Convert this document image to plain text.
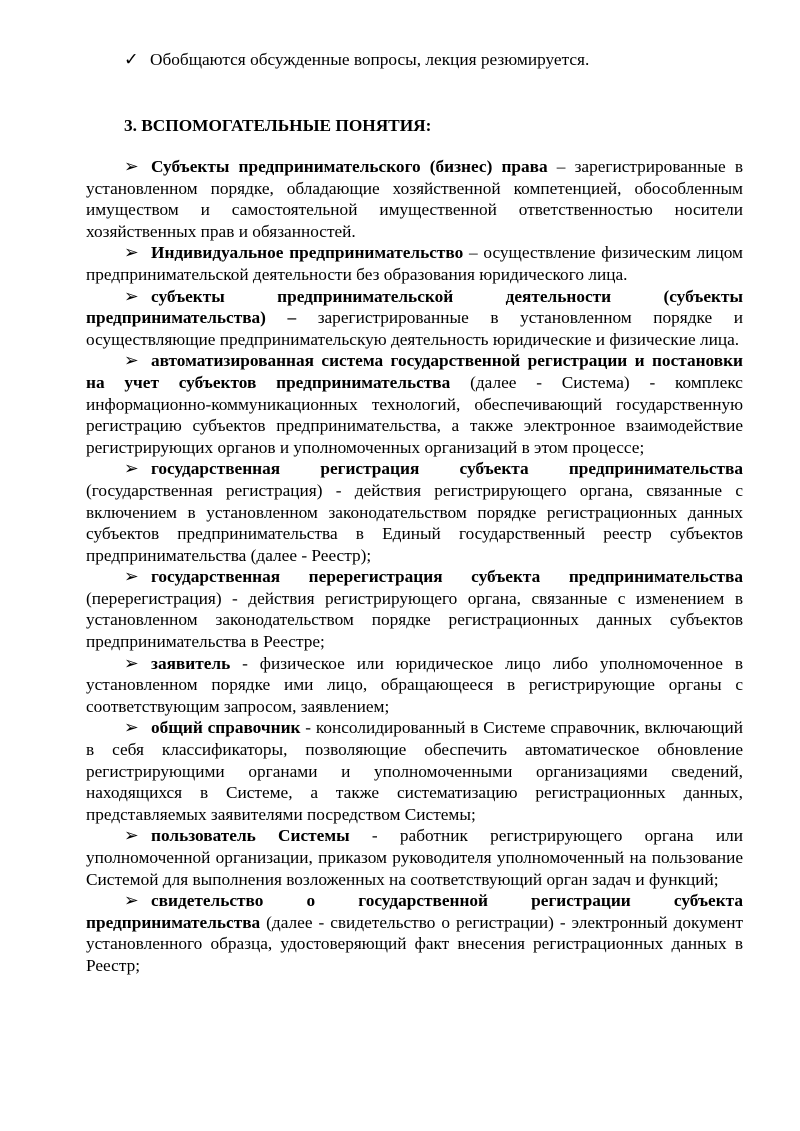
✓ Обобщаются обсужденные вопросы, лекция резюмируется.
3. ВСПОМОГАТЕЛЬНЫЕ ПОНЯТИЯ:

➢ Субъекты предпринимательского (бизнес) права – зарегистрированные в установленном порядке, обладающие хозяйственной компетенцией, обособленным имуществом и самостоятельной имущественной ответственностью носители хозяйственных прав и обязанностей.

➢ Индивидуальное предпринимательство – осуществление физическим лицом предпринимательской деятельности без образования юридического лица.

➢ субъекты предпринимательской деятельности (субъекты предпринимательства) – зарегистрированные в установленном порядке и осуществляющие предпринимательскую деятельность юридические и физические лица.

➢ автоматизированная система государственной регистрации и постановки на учет субъектов предпринимательства (далее - Система) - комплекс информационно-коммуникационных технологий, обеспечивающий государственную регистрацию субъектов предпринимательства, а также электронное взаимодействие регистрирующих органов и уполномоченных организаций в этом процессе;

➢ государственная регистрация субъекта предпринимательства (государственная регистрация) - действия регистрирующего органа, связанные с включением в установленном законодательством порядке регистрационных данных субъектов предпринимательства в Единый государственный реестр субъектов предпринимательства (далее - Реестр);

➢ государственная перерегистрация субъекта предпринимательства (перерегистрация) - действия регистрирующего органа, связанные с изменением в установленном законодательством порядке регистрационных данных субъектов предпринимательства в Реестре;

➢ заявитель - физическое или юридическое лицо либо уполномоченное в установленном порядке ими лицо, обращающееся в регистрирующие органы с соответствующим запросом, заявлением;

➢ общий справочник - консолидированный в Системе справочник, включающий в себя классификаторы, позволяющие обеспечить автоматическое обновление регистрирующими органами и уполномоченными организациями сведений, находящихся в Системе, а также систематизацию регистрационных данных, представляемых заявителями посредством Системы;

➢ пользователь Системы - работник регистрирующего органа или уполномоченной организации, приказом руководителя уполномоченный на пользование Системой для выполнения возложенных на соответствующий орган задач и функций;

➢ свидетельство о государственной регистрации субъекта предпринимательства (далее - свидетельство о регистрации) - электронный документ установленного образца, удостоверяющий факт внесения регистрационных данных в Реестр;
